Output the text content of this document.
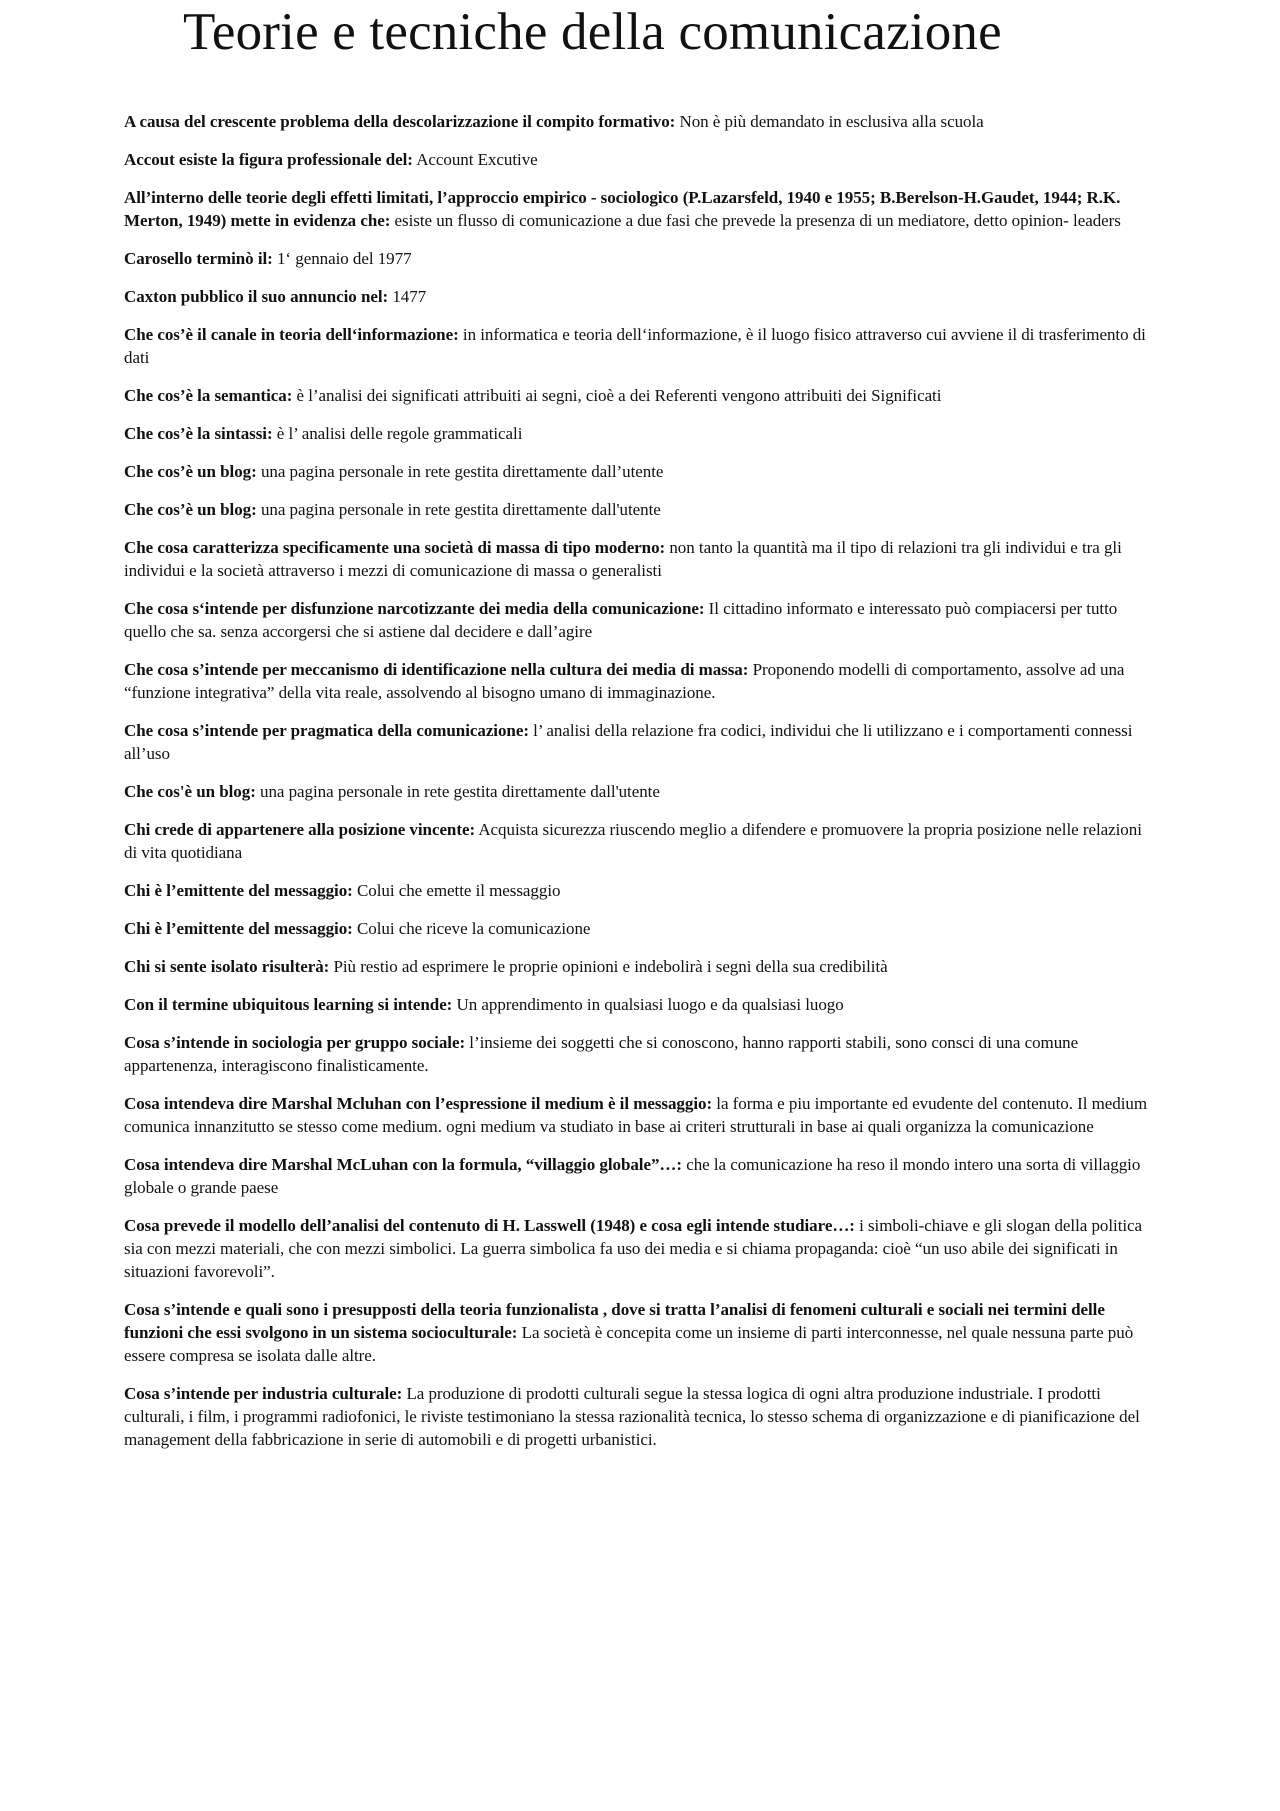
Teorie e tecniche della comunicazione
A causa del crescente problema della descolarizzazione il compito formativo: Non è più demandato in esclusiva alla scuola
Accout esiste la figura professionale del: Account Excutive
All’interno delle teorie degli effetti limitati, l’approccio empirico - sociologico (P.Lazarsfeld, 1940 e 1955; B.Berelson-H.Gaudet, 1944; R.K. Merton, 1949) mette in evidenza che: esiste un flusso di comunicazione a due fasi che prevede la presenza di un mediatore, detto opinion- leaders
Carosello terminò il: 1‘ gennaio del 1977
Caxton pubblico il suo annuncio nel: 1477
Che cos’è il canale in teoria dell‘informazione: in informatica e teoria dell‘informazione, è il luogo fisico attraverso cui avviene il di trasferimento di dati
Che cos’è la semantica: è l’analisi dei significati attribuiti ai segni, cioè a dei Referenti vengono attribuiti dei Significati
Che cos’è la sintassi: è l’ analisi delle regole grammaticali
Che cos’è un blog: una pagina personale in rete gestita direttamente dall’utente
Che cos’è un blog: una pagina personale in rete gestita direttamente dall'utente
Che cosa caratterizza specificamente una società di massa di tipo moderno: non tanto la quantità ma il tipo di relazioni tra gli individui e tra gli individui e la società attraverso i mezzi di comunicazione di massa o generalisti
Che cosa s‘intende per disfunzione narcotizzante dei media della comunicazione: Il cittadino informato e interessato può compiacersi per tutto quello che sa. senza accorgersi che si astiene dal decidere e dall’agire
Che cosa s’intende per meccanismo di identificazione nella cultura dei media di massa: Proponendo modelli di comportamento, assolve ad una “funzione integrativa” della vita reale, assolvendo al bisogno umano di immaginazione.
Che cosa s’intende per pragmatica della comunicazione: l’ analisi della relazione fra codici, individui che li utilizzano e i comportamenti connessi all’uso
Che cos'è un blog: una pagina personale in rete gestita direttamente dall'utente
Chi crede di appartenere alla posizione vincente: Acquista sicurezza riuscendo meglio a difendere e promuovere la propria posizione nelle relazioni di vita quotidiana
Chi è l’emittente del messaggio: Colui che emette il messaggio
Chi è l’emittente del messaggio: Colui che riceve la comunicazione
Chi si sente isolato risulterà: Più restio ad esprimere le proprie opinioni e indebolirà i segni della sua credibilità
Con il termine ubiquitous learning si intende: Un apprendimento in qualsiasi luogo e da qualsiasi luogo
Cosa s’intende in sociologia per gruppo sociale: l’insieme dei soggetti che si conoscono, hanno rapporti stabili, sono consci di una comune appartenenza, interagiscono finalisticamente.
Cosa intendeva dire Marshal Mcluhan con l’espressione il medium è il messaggio: la forma e piu importante ed evudente del contenuto. Il medium comunica innanzitutto se stesso come medium. ogni medium va studiato in base ai criteri strutturali in base ai quali organizza la comunicazione
Cosa intendeva dire Marshal McLuhan con la formula, “villaggio globale”…: che la comunicazione ha reso il mondo intero una sorta di villaggio globale o grande paese
Cosa prevede il modello dell’analisi del contenuto di H. Lasswell (1948) e cosa egli intende studiare…: i simboli-chiave e gli slogan della politica sia con mezzi materiali, che con mezzi simbolici. La guerra simbolica fa uso dei media e si chiama propaganda: cioè “un uso abile dei significati in situazioni favorevoli”.
Cosa s’intende e quali sono i presupposti della teoria funzionalista , dove si tratta l’analisi di fenomeni culturali e sociali nei termini delle funzioni che essi svolgono in un sistema socioculturale: La società è concepita come un insieme di parti interconnesse, nel quale nessuna parte può essere compresa se isolata dalle altre.
Cosa s’intende per industria culturale: La produzione di prodotti culturali segue la stessa logica di ogni altra produzione industriale. I prodotti culturali, i film, i programmi radiofonici, le riviste testimoniano la stessa razionalità tecnica, lo stesso schema di organizzazione e di pianificazione del management della fabbricazione in serie di automobili e di progetti urbanistici.
